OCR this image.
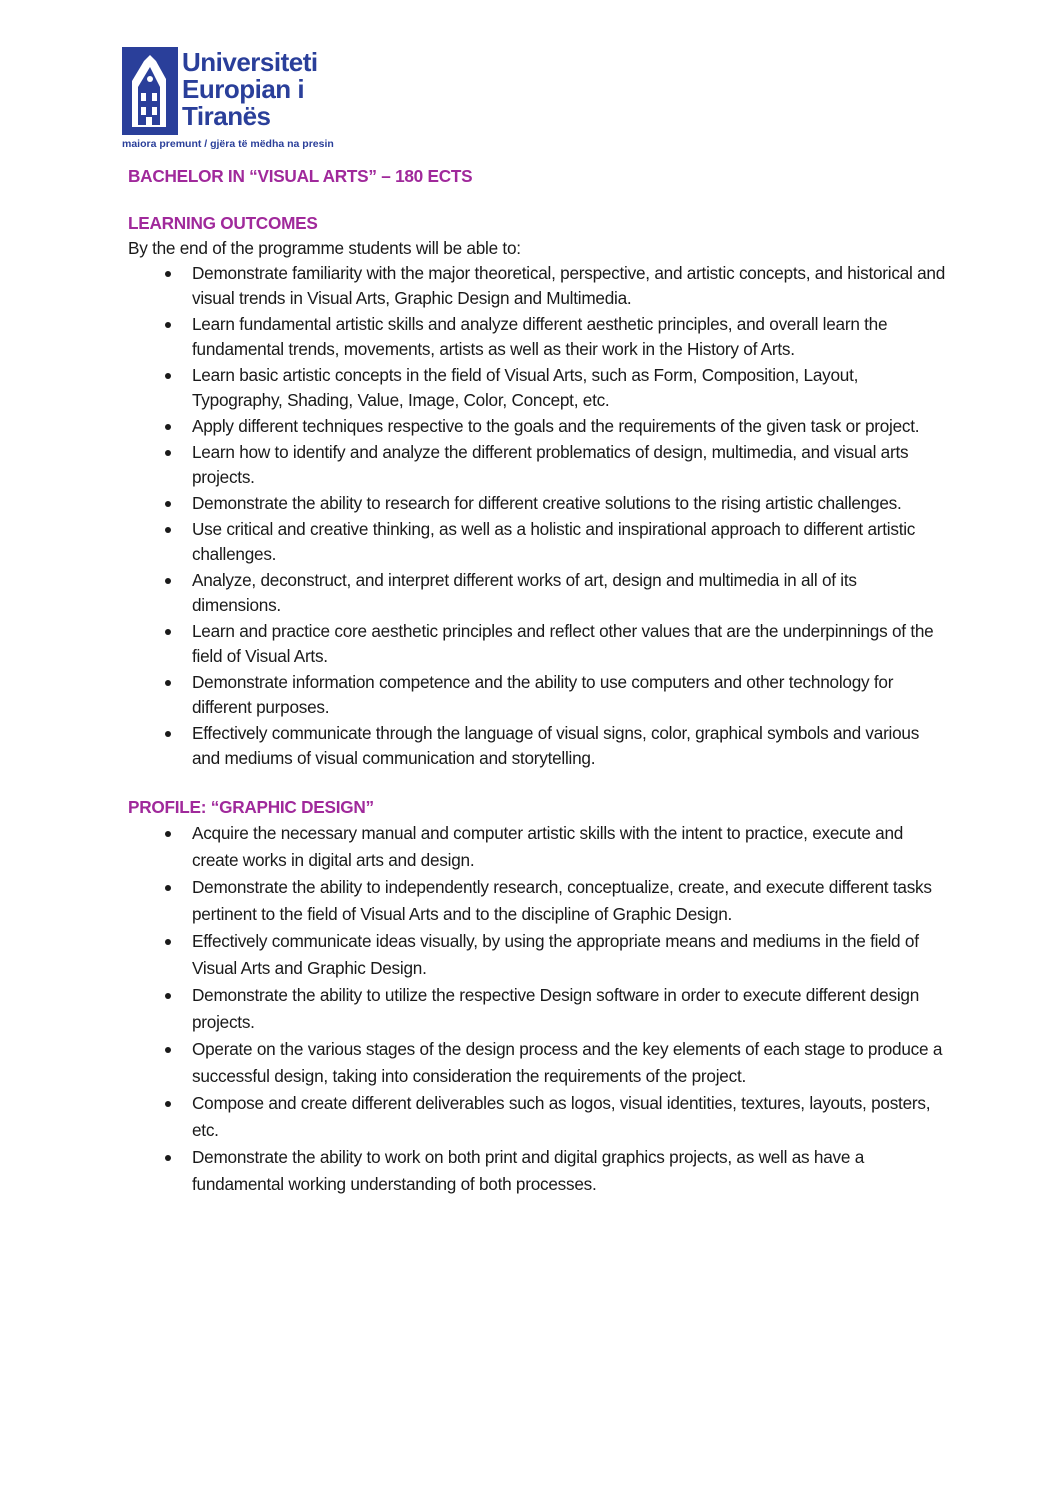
Universiteti
Europian i
Tiranës
maiora premunt / gjëra të mëdha na presin
BACHELOR IN “VISUAL ARTS” – 180 ECTS
LEARNING OUTCOMES

By the end of the programme students will be able to:

Demonstrate familiarity with the major theoretical, perspective, and artistic concepts, and historical and visual trends in Visual Arts, Graphic Design and Multimedia.
Learn fundamental artistic skills and analyze different aesthetic principles, and overall learn the fundamental trends, movements, artists as well as their work in the History of Arts.
Learn basic artistic concepts in the field of Visual Arts, such as Form, Composition, Layout, Typography, Shading, Value, Image, Color, Concept, etc.
Apply different techniques respective to the goals and the requirements of the given task or project.
Learn how to identify and analyze the different problematics of design, multimedia, and visual arts projects.
Demonstrate the ability to research for different creative solutions to the rising artistic challenges.
Use critical and creative thinking, as well as a holistic and inspirational approach to different artistic challenges.
Analyze, deconstruct, and interpret different works of art, design and multimedia in all of its dimensions.
Learn and practice core aesthetic principles and reflect other values that are the underpinnings of the field of Visual Arts.
Demonstrate information competence and the ability to use computers and other technology for different purposes.
Effectively communicate through the language of visual signs, color, graphical symbols and various and mediums of visual communication and storytelling.
PROFILE: “GRAPHIC DESIGN”
Acquire the necessary manual and computer artistic skills with the intent to practice, execute and create works in digital arts and design.
Demonstrate the ability to independently research, conceptualize, create, and execute different tasks pertinent to the field of Visual Arts and to the discipline of Graphic Design.
Effectively communicate ideas visually, by using the appropriate means and mediums in the field of Visual Arts and Graphic Design.
Demonstrate the ability to utilize the respective Design software in order to execute different design projects.
Operate on the various stages of the design process and the key elements of each stage to produce a successful design, taking into consideration the requirements of the project.
Compose and create different deliverables such as logos, visual identities, textures, layouts, posters, etc.
Demonstrate the ability to work on both print and digital graphics projects, as well as have a fundamental working understanding of both processes.
